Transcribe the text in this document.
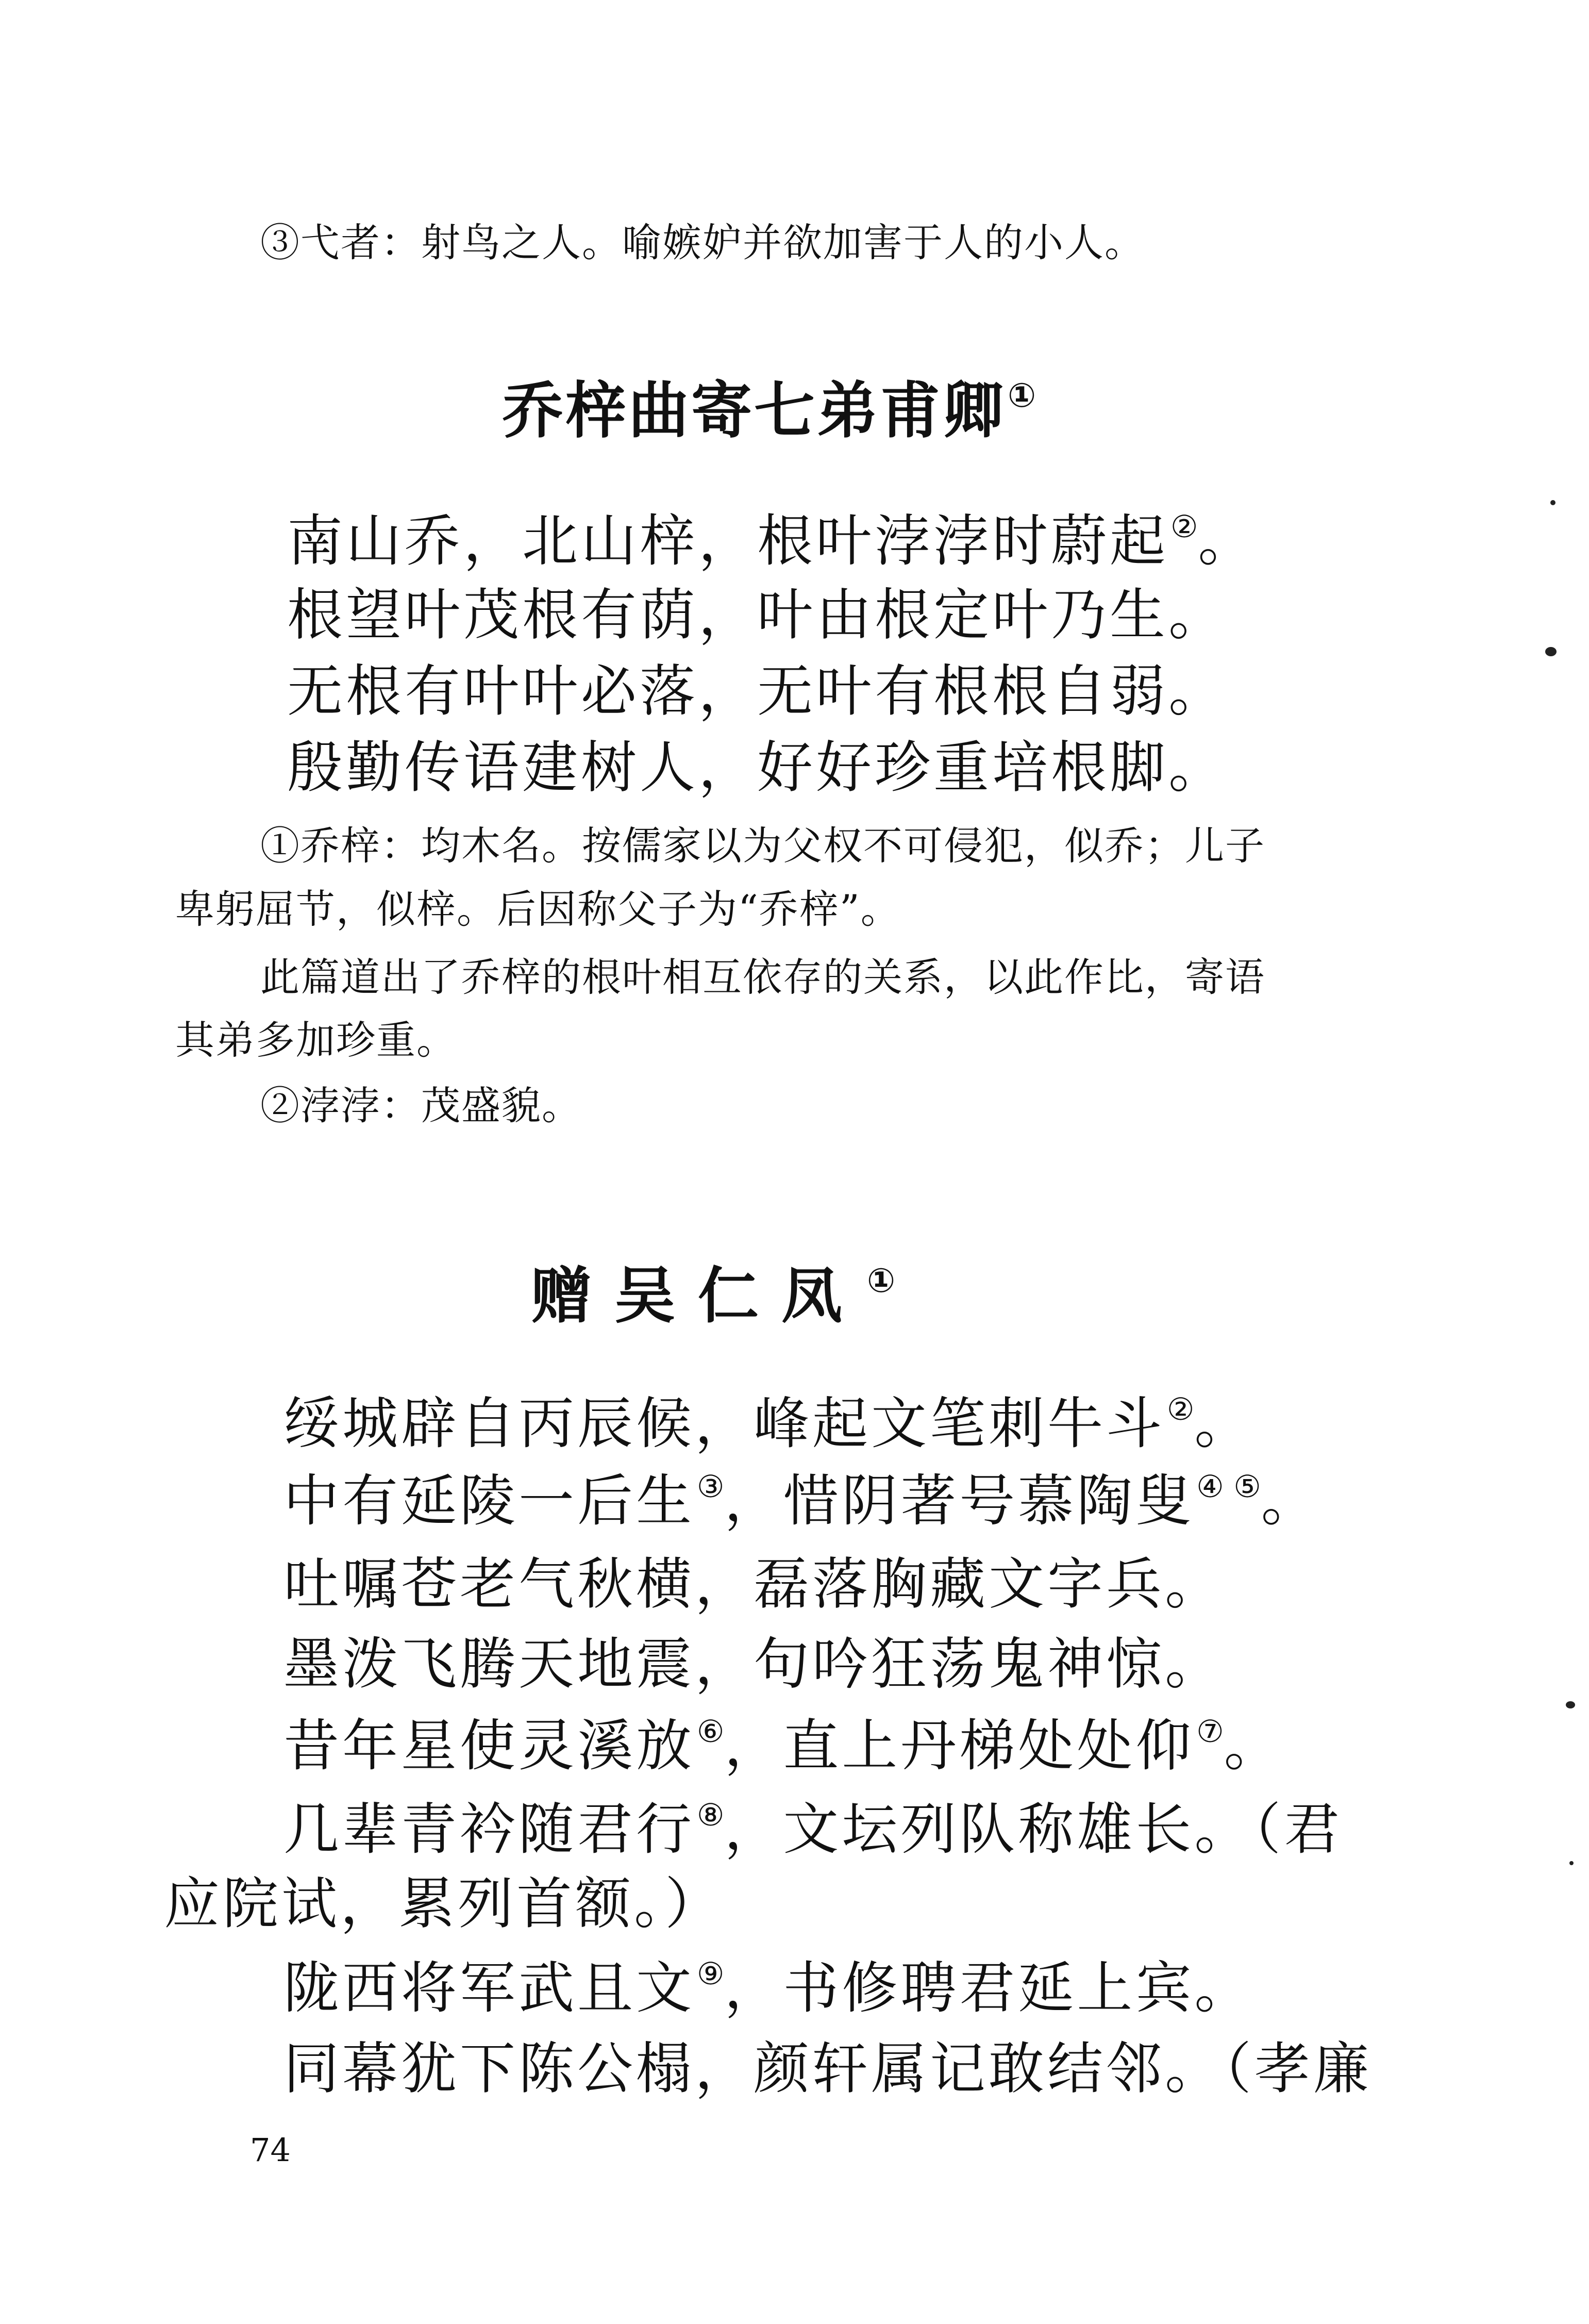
③弋者：射鸟之人。喻嫉妒并欲加害于人的小人。
乔梓曲寄七弟甫卿①
南山乔，北山梓，根叶浡浡时蔚起②。
根望叶茂根有荫，叶由根定叶乃生。
无根有叶叶必落，无叶有根根自弱。
殷勤传语建树人，好好珍重培根脚。
①乔梓：均木名。按儒家以为父权不可侵犯，似乔；儿子
卑躬屈节，似梓。后因称父子为“乔梓”。
此篇道出了乔梓的根叶相互依存的关系，以此作比，寄语
其弟多加珍重。
②浡浡：茂盛貌。
赠吴仁凤①
绥城辟自丙辰候，峰起文笔刺牛斗②。
中有延陵一后生③，惜阴著号慕陶叟④ ⑤。
吐嘱苍老气秋横，磊落胸藏文字兵。
墨泼飞腾天地震，句吟狂荡鬼神惊。
昔年星使灵溪放⑥，直上丹梯处处仰⑦。
几辈青衿随君行⑧，文坛列队称雄长。（君
应院试，累列首额。）
陇西将军武且文⑨，书修聘君延上宾。
同幕犹下陈公榻，颜轩属记敢结邻。（孝廉
74
